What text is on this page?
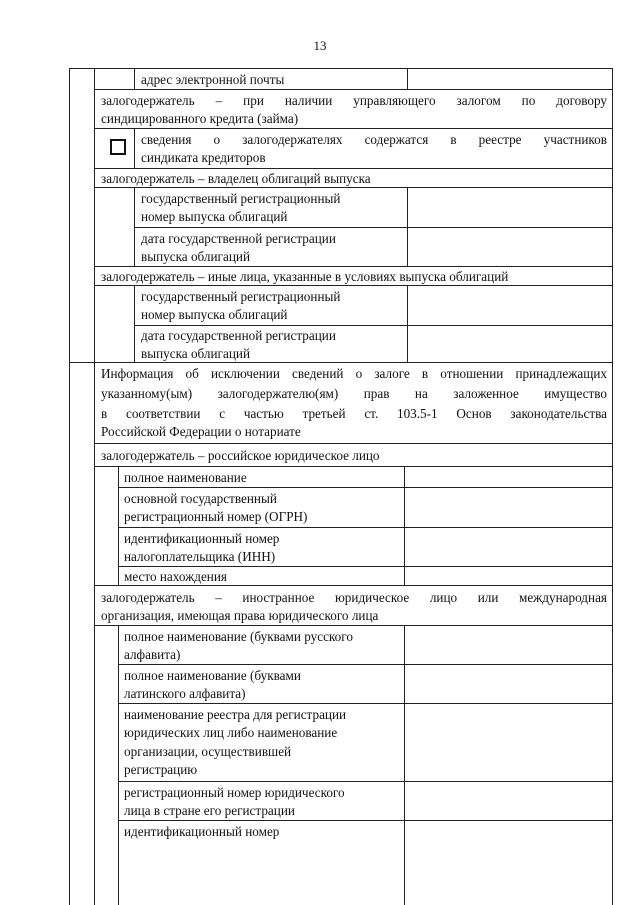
13
адрес электронной почты
залогодержатель – при наличии управляющего залогом по договору
синдицированного кредита (займа)
сведения о залогодержателях содержатся в реестре участников
синдиката кредиторов
залогодержатель – владелец облигаций выпуска
государственный регистрационный
номер выпуска облигаций
дата государственной регистрации
выпуска облигаций
залогодержатель – иные лица, указанные в условиях выпуска облигаций
государственный регистрационный
номер выпуска облигаций
дата государственной регистрации
выпуска облигаций
Информация об исключении сведений о залоге в отношении принадлежащих
указанному(ым) залогодержателю(ям) прав на заложенное имущество
в соответствии с частью третьей ст. 103.5-1 Основ законодательства
Российской Федерации о нотариате
залогодержатель – российское юридическое лицо
полное наименование
основной государственный
регистрационный номер (ОГРН)
идентификационный номер
налогоплательщика (ИНН)
место нахождения
залогодержатель – иностранное юридическое лицо или международная
организация, имеющая права юридического лица
полное наименование (буквами русского
алфавита)
полное наименование (буквами
латинского алфавита)
наименование реестра для регистрации
юридических лиц либо наименование
организации, осуществившей
регистрацию
регистрационный номер юридического
лица в стране его регистрации
идентификационный номер
